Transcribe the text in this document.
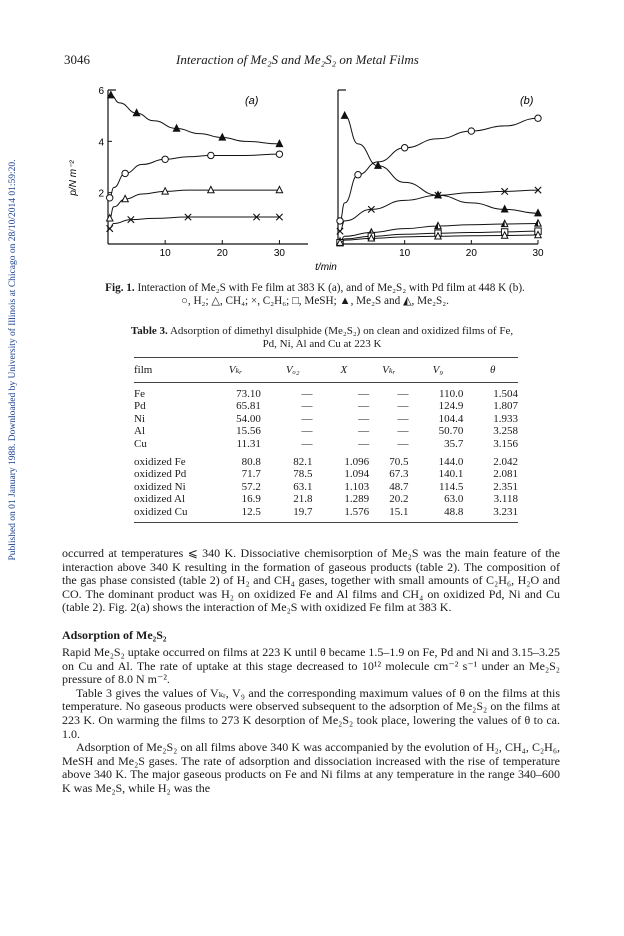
Published on 01 January 1988. Downloaded by University of Illinois at Chicago on 28/10/2014 01:59:20.
3046	Interaction of Me₂S and Me₂S₂ on Metal Films
10	20	30
2
4
6
10	20	30
(a)	(b)
p/N m⁻²
t/min
Fig. 1. Interaction of Me₂S with Fe film at 383 K (a), and of Me₂S₂ with Pd film at 448 K (b).
○, H₂; △, CH₄; ×, C₂H₆; □, MeSH; ▲, Me₂S and ◭, Me₂S₂.
Table 3. Adsorption of dimethyl disulphide (Me₂S₂) on clean and oxidized films of Fe, Pd, Ni, Al and Cu at 223 K
film	Vₖᵣ	Vₒ₂	X	Vₖᵣ	V₉	θ
Fe	73.10	—	—	—	110.0	1.504
Pd	65.81	—	—	—	124.9	1.807
Ni	54.00	—	—	—	104.4	1.933
Al	15.56	—	—	—	50.70	3.258
Cu	11.31	—	—	—	35.7	3.156
oxidized Fe	80.8	82.1	1.096	70.5	144.0	2.042
oxidized Pd	71.7	78.5	1.094	67.3	140.1	2.081
oxidized Ni	57.2	63.1	1.103	48.7	114.5	2.351
oxidized Al	16.9	21.8	1.289	20.2	63.0	3.118
oxidized Cu	12.5	19.7	1.576	15.1	48.8	3.231

occurred at temperatures ⩽ 340 K. Dissociative chemisorption of Me₂S was the main feature of the interaction above 340 K resulting in the formation of gaseous products (table 2). The composition of the gas phase consisted (table 2) of H₂ and CH₄ gases, together with small amounts of C₂H₆, H₂O and CO. The dominant product was H₂ on oxidized Fe and Al films and CH₄ on oxidized Pd, Ni and Cu (table 2). Fig. 2(a) shows the interaction of Me₂S with oxidized Fe film at 383 K.

Adsorption of Me₂S₂

Rapid Me₂S₂ uptake occurred on films at 223 K until θ became 1.5–1.9 on Fe, Pd and Ni and 3.15–3.25 on Cu and Al. The rate of uptake at this stage decreased to 10¹² molecule cm⁻² s⁻¹ under an Me₂S₂ pressure of 8.0 N m⁻².

Table 3 gives the values of Vₖᵣ, V₉ and the corresponding maximum values of θ on the films at this temperature. No gaseous products were observed subsequent to the adsorption of Me₂S₂ on the films at 223 K. On warming the films to 273 K desorption of Me₂S₂ took place, lowering the values of θ to ca. 1.0.

Adsorption of Me₂S₂ on all films above 340 K was accompanied by the evolution of H₂, CH₄, C₂H₆, MeSH and Me₂S gases. The rate of adsorption and dissociation increased with the rise of temperature above 340 K. The major gaseous products on Fe and Ni films at any temperature in the range 340–600 K was Me₂S, while H₂ was the
